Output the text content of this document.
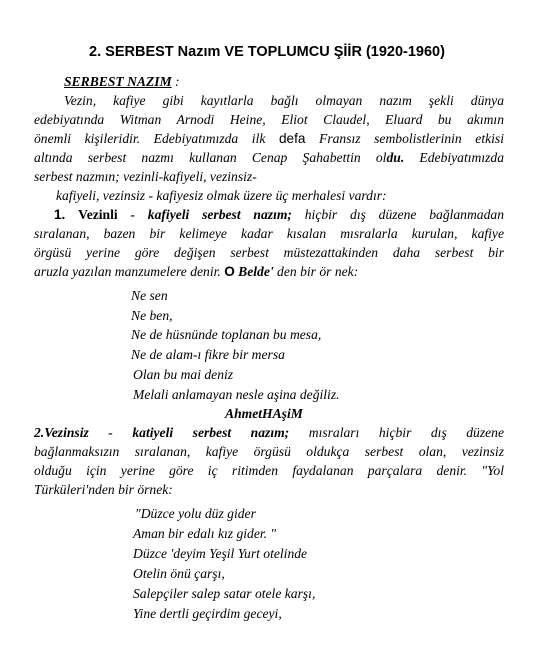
2. SERBEST Nazım VE TOPLUMCU ŞİİR (1920-1960)
SERBEST NAZIM :
Vezin, kafiye gibi kayıtlarla bağlı olmayan nazım şekli dünya
edebiyatında Witman Arnodi Heine, Eliot Claudel, Eluard bu akımın
önemli kişileridir. Edebiyatımızda ilk defa Fransız sembolistlerinin etkisi
altında serbest nazmı kullanan Cenap Şahabettin oldu. Edebiyatımızda
serbest nazmın; vezinli-kafiyeli, vezinsiz-
kafiyeli, vezinsiz - kafiyesiz olmak üzere üç merhalesi vardır:
1. Vezinli - kafiyeli serbest nazım; hiçbir dış düzene bağlanmadan
sıralanan, bazen bir kelimeye kadar kısalan mısralarla kurulan, kafiye
örgüsü yerine göre değişen serbest müstezattakinden daha serbest bir
aruzla yazılan manzumelere denir. O Belde' den bir ör nek:
Ne sen
Ne ben,
Ne de hüsnünde toplanan bu mesa,
Ne de alam-ı fikre bir mersa
Olan bu mai deniz
Melali anlamayan nesle aşina değiliz.
AhmetHAşiM
2.Vezinsiz - katiyeli serbest nazım; mısraları hiçbir dış düzene
bağlanmaksızın sıralanan, kafiye örgüsü oldukça serbest olan, vezinsiz
olduğu için yerine göre iç ritimden faydalanan parçalara denir. "Yol
Türküleri'nden bir örnek:
"Düzce yolu düz gider
Aman bir edalı kız gider. "
Düzce 'deyim Yeşil Yurt otelinde
Otelin önü çarşı,
Salepçiler salep satar otele karşı,
Yine dertli geçirdim geceyi,
